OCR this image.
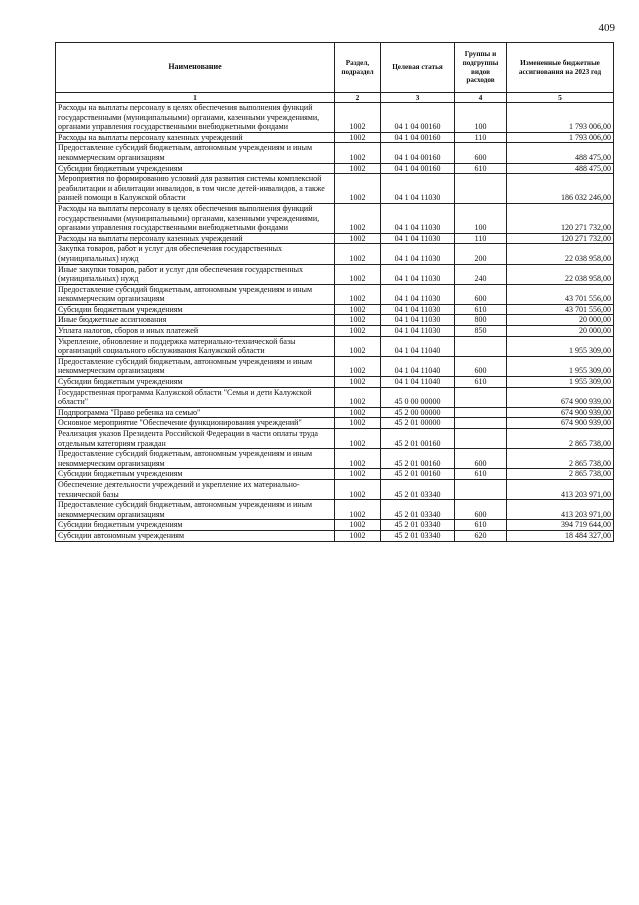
409
Наименование	Раздел, подраздел	Целевая статья	Группы и подгруппы видов расходов	Измененные бюджетные ассигнования на 2023 год
1	2	3	4	5
Расходы на выплаты персоналу в целях обеспечения выполнения функций государственными (муниципальными) органами, казенными учреждениями, органами управления государственными внебюджетными фондами	1002	04 1 04 00160	100	1 793 006,00
Расходы на выплаты персоналу казенных учреждений	1002	04 1 04 00160	110	1 793 006,00
Предоставление субсидий бюджетным, автономным учреждениям и иным некоммерческим организациям	1002	04 1 04 00160	600	488 475,00
Субсидии бюджетным учреждениям	1002	04 1 04 00160	610	488 475,00
Мероприятия по формированию условий для развития системы комплексной реабилитации и абилитации инвалидов, в том числе детей-инвалидов, а также ранней помощи в Калужской области	1002	04 1 04 11030		186 032 246,00
Расходы на выплаты персоналу в целях обеспечения выполнения функций государственными (муниципальными) органами, казенными учреждениями, органами управления государственными внебюджетными фондами	1002	04 1 04 11030	100	120 271 732,00
Расходы на выплаты персоналу казенных учреждений	1002	04 1 04 11030	110	120 271 732,00
Закупка товаров, работ и услуг для обеспечения государственных (муниципальных) нужд	1002	04 1 04 11030	200	22 038 958,00
Иные закупки товаров, работ и услуг для обеспечения государственных (муниципальных) нужд	1002	04 1 04 11030	240	22 038 958,00
Предоставление субсидий бюджетным, автономным учреждениям и иным некоммерческим организациям	1002	04 1 04 11030	600	43 701 556,00
Субсидии бюджетным учреждениям	1002	04 1 04 11030	610	43 701 556,00
Иные бюджетные ассигнования	1002	04 1 04 11030	800	20 000,00
Уплата налогов, сборов и иных платежей	1002	04 1 04 11030	850	20 000,00
Укрепление, обновление и поддержка материально-технической базы организаций социального обслуживания Калужской области	1002	04 1 04 11040		1 955 309,00
Предоставление субсидий бюджетным, автономным учреждениям и иным некоммерческим организациям	1002	04 1 04 11040	600	1 955 309,00
Субсидии бюджетным учреждениям	1002	04 1 04 11040	610	1 955 309,00
Государственная программа Калужской области "Семья и дети Калужской области"	1002	45 0 00 00000		674 900 939,00
Подпрограмма "Право ребенка на семью"	1002	45 2 00 00000		674 900 939,00
Основное мероприятие "Обеспечение функционирования учреждений"	1002	45 2 01 00000		674 900 939,00
Реализация указов Президента Российской Федерации в части оплаты труда отдельным категориям граждан	1002	45 2 01 00160		2 865 738,00
Предоставление субсидий бюджетным, автономным учреждениям и иным некоммерческим организациям	1002	45 2 01 00160	600	2 865 738,00
Субсидии бюджетным учреждениям	1002	45 2 01 00160	610	2 865 738,00
Обеспечение деятельности учреждений и укрепление их материально-технической базы	1002	45 2 01 03340		413 203 971,00
Предоставление субсидий бюджетным, автономным учреждениям и иным некоммерческим организациям	1002	45 2 01 03340	600	413 203 971,00
Субсидии бюджетным учреждениям	1002	45 2 01 03340	610	394 719 644,00
Субсидии автономным учреждениям	1002	45 2 01 03340	620	18 484 327,00
